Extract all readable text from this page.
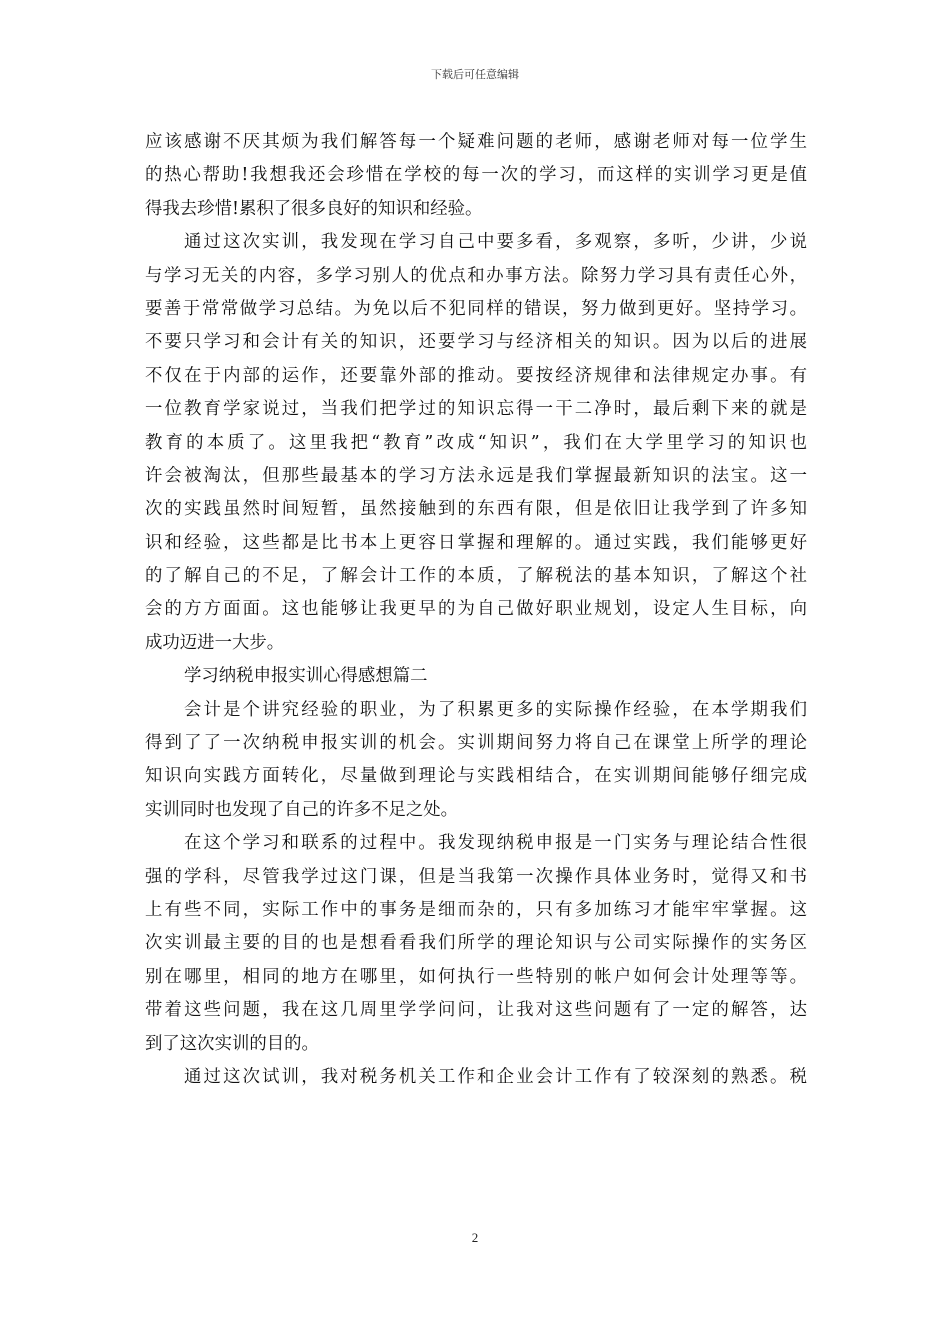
下载后可任意编辑
应该感谢不厌其烦为我们解答每一个疑难问题的老师，感谢老师对每一位学生
的热心帮助!我想我还会珍惜在学校的每一次的学习，而这样的实训学习更是值
得我去珍惜!累积了很多良好的知识和经验。
通过这次实训，我发现在学习自己中要多看，多观察，多听，少讲，少说
与学习无关的内容，多学习别人的优点和办事方法。除努力学习具有责任心外，
要善于常常做学习总结。为免以后不犯同样的错误，努力做到更好。坚持学习。
不要只学习和会计有关的知识，还要学习与经济相关的知识。因为以后的进展
不仅在于内部的运作，还要靠外部的推动。要按经济规律和法律规定办事。有
一位教育学家说过，当我们把学过的知识忘得一干二净时，最后剩下来的就是
教育的本质了。这里我把“教育”改成“知识”，我们在大学里学习的知识也
许会被淘汰，但那些最基本的学习方法永远是我们掌握最新知识的法宝。这一
次的实践虽然时间短暂，虽然接触到的东西有限，但是依旧让我学到了许多知
识和经验，这些都是比书本上更容日掌握和理解的。通过实践，我们能够更好
的了解自己的不足，了解会计工作的本质，了解税法的基本知识，了解这个社
会的方方面面。这也能够让我更早的为自己做好职业规划，设定人生目标，向
成功迈进一大步。
学习纳税申报实训心得感想篇二
会计是个讲究经验的职业，为了积累更多的实际操作经验，在本学期我们
得到了了一次纳税申报实训的机会。实训期间努力将自己在课堂上所学的理论
知识向实践方面转化，尽量做到理论与实践相结合，在实训期间能够仔细完成
实训同时也发现了自己的许多不足之处。
在这个学习和联系的过程中。我发现纳税申报是一门实务与理论结合性很
强的学科，尽管我学过这门课，但是当我第一次操作具体业务时，觉得又和书
上有些不同，实际工作中的事务是细而杂的，只有多加练习才能牢牢掌握。这
次实训最主要的目的也是想看看我们所学的理论知识与公司实际操作的实务区
别在哪里，相同的地方在哪里，如何执行一些特别的帐户如何会计处理等等。
带着这些问题，我在这几周里学学问问，让我对这些问题有了一定的解答，达
到了这次实训的目的。
通过这次试训，我对税务机关工作和企业会计工作有了较深刻的熟悉。税
2
